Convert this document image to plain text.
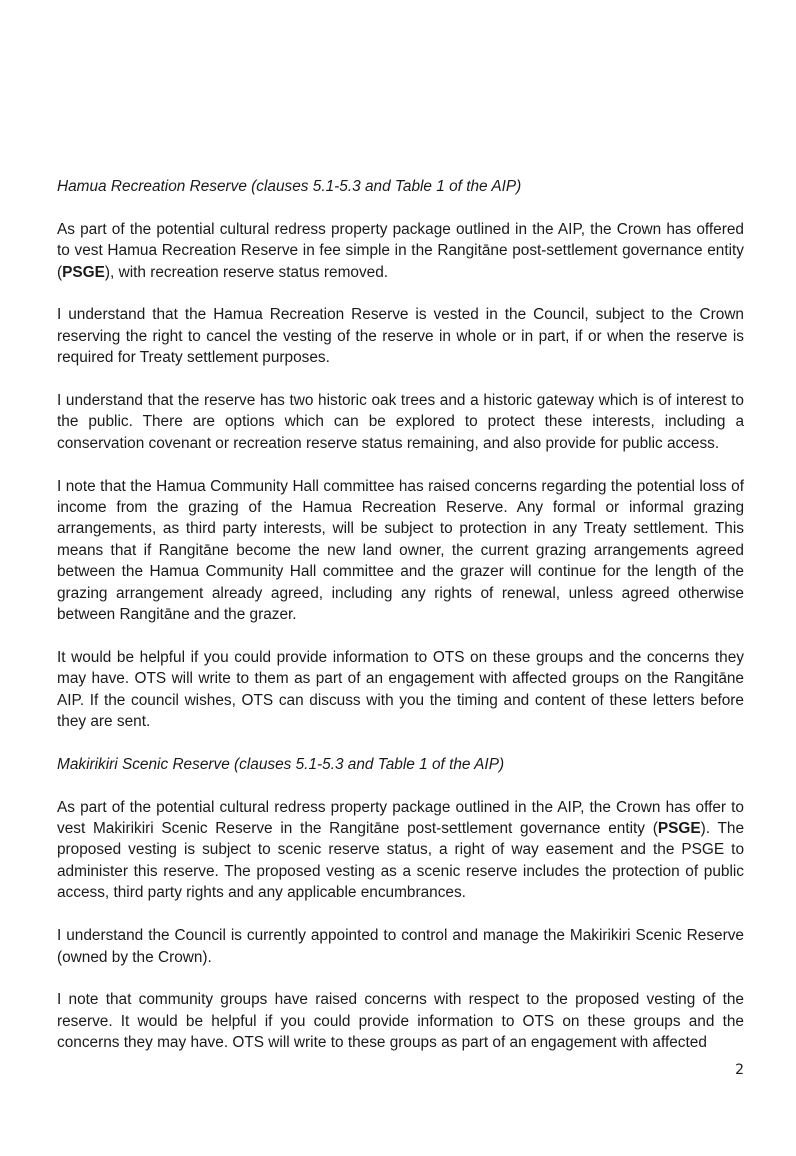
Hamua Recreation Reserve (clauses 5.1-5.3 and Table 1 of the AIP)

As part of the potential cultural redress property package outlined in the AIP, the Crown has offered to vest Hamua Recreation Reserve in fee simple in the Rangitāne post-settlement governance entity (PSGE), with recreation reserve status removed.

I understand that the Hamua Recreation Reserve is vested in the Council, subject to the Crown reserving the right to cancel the vesting of the reserve in whole or in part, if or when the reserve is required for Treaty settlement purposes.

I understand that the reserve has two historic oak trees and a historic gateway which is of interest to the public. There are options which can be explored to protect these interests, including a conservation covenant or recreation reserve status remaining, and also provide for public access.

I note that the Hamua Community Hall committee has raised concerns regarding the potential loss of income from the grazing of the Hamua Recreation Reserve. Any formal or informal grazing arrangements, as third party interests, will be subject to protection in any Treaty settlement. This means that if Rangitāne become the new land owner, the current grazing arrangements agreed between the Hamua Community Hall committee and the grazer will continue for the length of the grazing arrangement already agreed, including any rights of renewal, unless agreed otherwise between Rangitāne and the grazer.

It would be helpful if you could provide information to OTS on these groups and the concerns they may have. OTS will write to them as part of an engagement with affected groups on the Rangitāne AIP. If the council wishes, OTS can discuss with you the timing and content of these letters before they are sent.

Makirikiri Scenic Reserve (clauses 5.1-5.3 and Table 1 of the AIP)

As part of the potential cultural redress property package outlined in the AIP, the Crown has offer to vest Makirikiri Scenic Reserve in the Rangitāne post-settlement governance entity (PSGE). The proposed vesting is subject to scenic reserve status, a right of way easement and the PSGE to administer this reserve. The proposed vesting as a scenic reserve includes the protection of public access, third party rights and any applicable encumbrances.

I understand the Council is currently appointed to control and manage the Makirikiri Scenic Reserve (owned by the Crown).

I note that community groups have raised concerns with respect to the proposed vesting of the reserve. It would be helpful if you could provide information to OTS on these groups and the concerns they may have. OTS will write to these groups as part of an engagement with affected

2
